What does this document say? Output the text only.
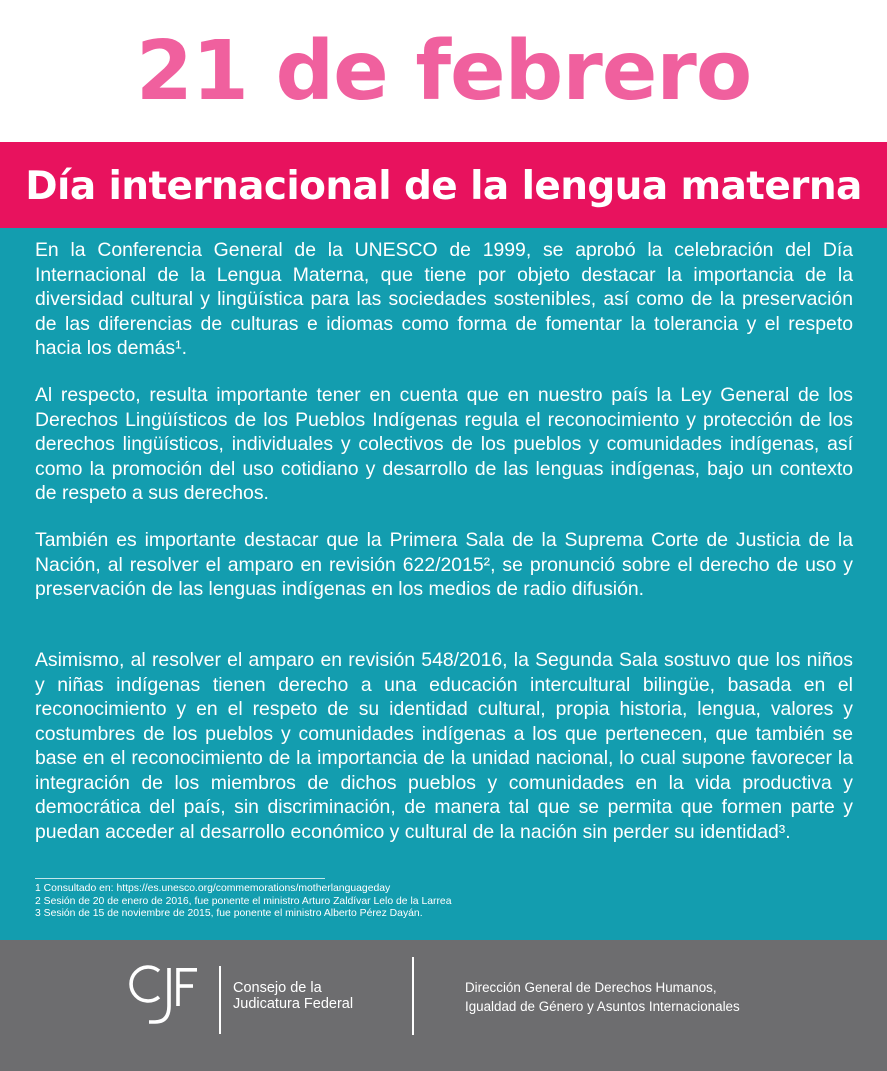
21 de febrero
Día internacional de la lengua materna

En la Conferencia General de la UNESCO de 1999, se aprobó la celebración del Día Internacional de la Lengua Materna, que tiene por objeto destacar la importancia de la diversidad cultural y lingüística para las sociedades sostenibles, así como de la preservación de las diferencias de culturas e idiomas como forma de fomentar la tolerancia y el respeto hacia los demás¹.

Al respecto, resulta importante tener en cuenta que en nuestro país la Ley General de los Derechos Lingüísticos de los Pueblos Indígenas regula el reconocimiento y protección de los derechos lingüísticos, individuales y colectivos de los pueblos y comunidades indígenas, así como la promoción del uso cotidiano y desarrollo de las lenguas indígenas, bajo un contexto de respeto a sus derechos.

También es importante destacar que la Primera Sala de la Suprema Corte de Justicia de la Nación, al resolver el amparo en revisión 622/2015², se pronunció sobre el derecho de uso y preservación de las lenguas indígenas en los medios de radio difusión.

Asimismo, al resolver el amparo en revisión 548/2016, la Segunda Sala sostuvo que los niños y niñas indígenas tienen derecho a una educación intercultural bilingüe, basada en el reconocimiento y en el respeto de su identidad cultural, propia historia, lengua, valores y costumbres de los pueblos y comunidades indígenas a los que pertenecen, que también se base en el reconocimiento de la importancia de la unidad nacional, lo cual supone favorecer la integración de los miembros de dichos pueblos y comunidades en la vida productiva y democrática del país, sin discriminación, de manera tal que se permita que formen parte y puedan acceder al desarrollo económico y cultural de la nación sin perder su identidad³.

1 Consultado en: https://es.unesco.org/commemorations/motherlanguageday
2 Sesión de 20 de enero de 2016, fue ponente el ministro Arturo Zaldívar Lelo de la Larrea
3 Sesión de 15 de noviembre de 2015, fue ponente el ministro Alberto Pérez Dayán.
Consejo de la
Judicatura Federal
Dirección General de Derechos Humanos,
Igualdad de Género y Asuntos Internacionales
